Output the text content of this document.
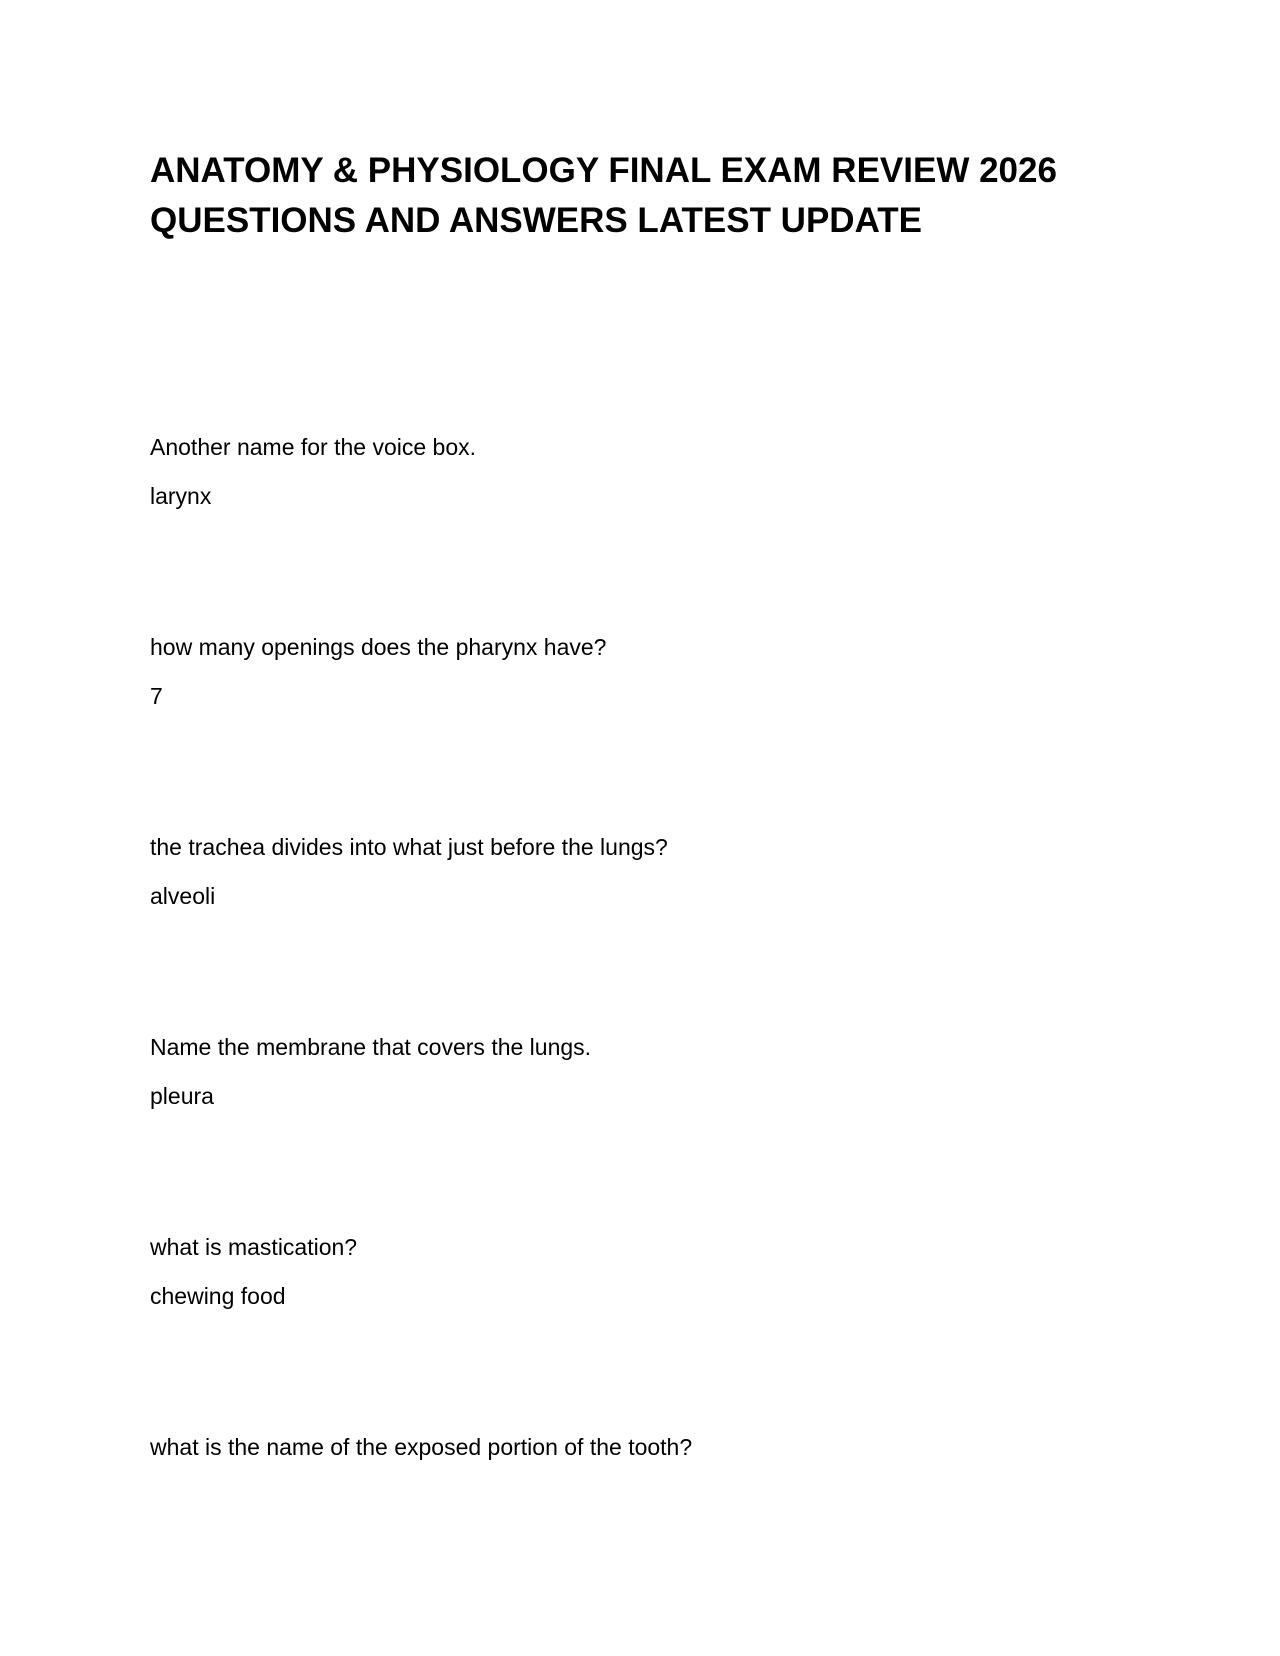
ANATOMY & PHYSIOLOGY FINAL EXAM REVIEW 2026
QUESTIONS AND ANSWERS LATEST UPDATE
Another name for the voice box.
larynx
how many openings does the pharynx have?
7
the trachea divides into what just before the lungs?
alveoli
Name the membrane that covers the lungs.
pleura
what is mastication?
chewing food
what is the name of the exposed portion of the tooth?
